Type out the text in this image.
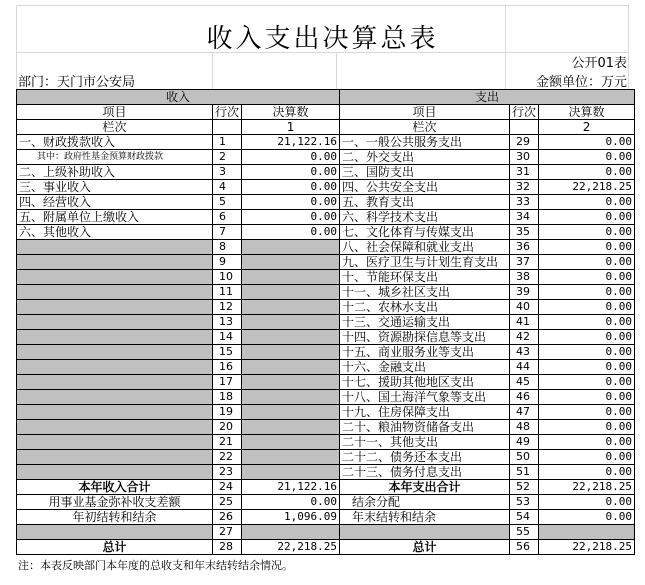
收入支出决算总表
公开01表
部门：天门市公安局	金额单位：万元
收入			支出		
项目	行次	决算数	项目	行次	决算数
栏次		1	栏次		2
一、财政拨款收入	1	21,122.16	一、一般公共服务支出	29	0.00
其中：政府性基金预算财政拨款	2	0.00	二、外交支出	30	0.00
二、上级补助收入	3	0.00	三、国防支出	31	0.00
三、事业收入	4	0.00	四、公共安全支出	32	22,218.25
四、经营收入	5	0.00	五、教育支出	33	0.00
五、附属单位上缴收入	6	0.00	六、科学技术支出	34	0.00
六、其他收入	7	0.00	七、文化体育与传媒支出	35	0.00
	8		八、社会保障和就业支出	36	0.00
	9		九、医疗卫生与计划生育支出	37	0.00
	10		十、节能环保支出	38	0.00
	11		十一、城乡社区支出	39	0.00
	12		十二、农林水支出	40	0.00
	13		十三、交通运输支出	41	0.00
	14		十四、资源勘探信息等支出	42	0.00
	15		十五、商业服务业等支出	43	0.00
	16		十六、金融支出	44	0.00
	17		十七、援助其他地区支出	45	0.00
	18		十八、国土海洋气象等支出	46	0.00
	19		十九、住房保障支出	47	0.00
	20		二十、粮油物资储备支出	48	0.00
	21		二十一、其他支出	49	0.00
	22		二十二、债务还本支出	50	0.00
	23		二十三、债务付息支出	51	0.00
本年收入合计	24	21,122.16	本年支出合计	52	22,218.25
用事业基金弥补收支差额	25	0.00	结余分配	53	0.00
年初结转和结余	26	1,096.09	年末结转和结余	54	0.00
	27			55	
总计	28	22,218.25	总计	56	22,218.25
注：本表反映部门本年度的总收支和年末结转结余情况。
